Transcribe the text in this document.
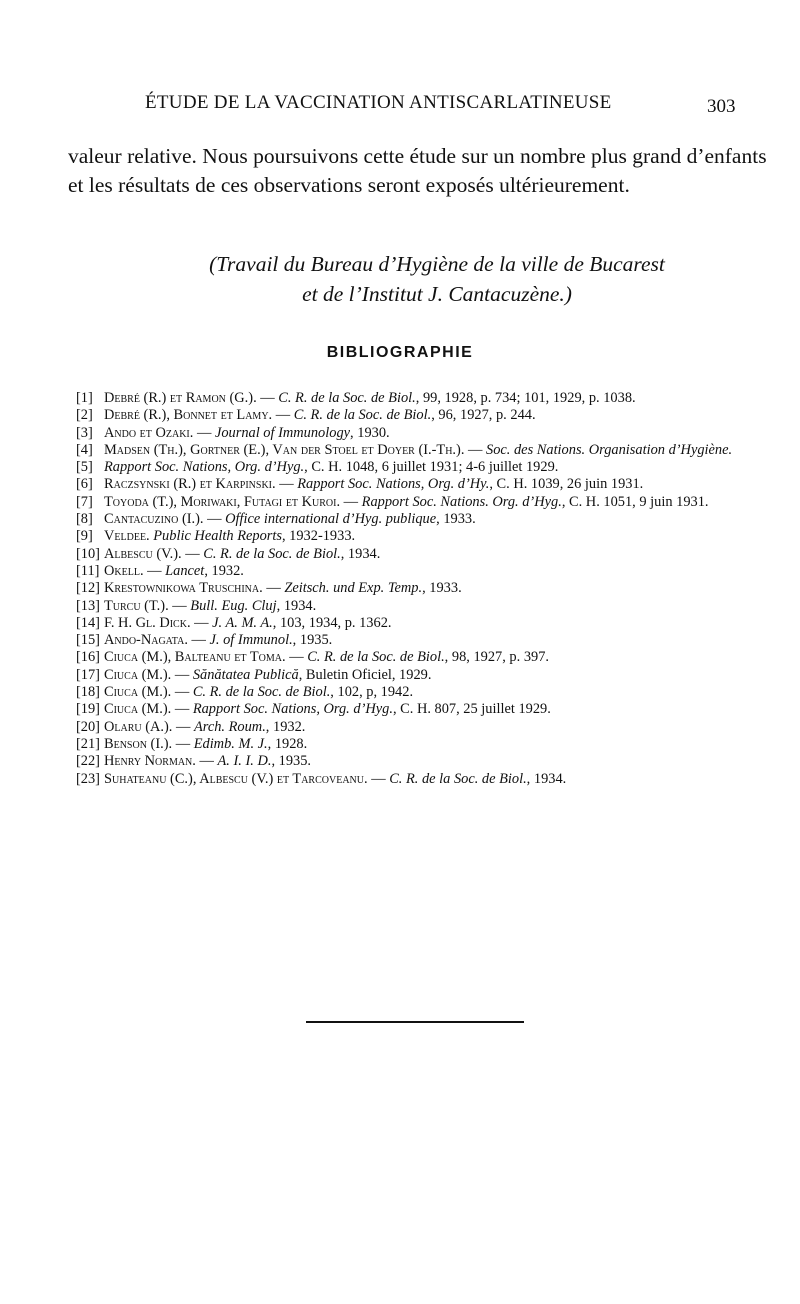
ÉTUDE DE LA VACCINATION ANTISCARLATINEUSE	303

valeur relative. Nous poursuivons cette étude sur un nombre plus grand d’enfants et les résultats de ces observations seront exposés ultérieurement.

(Travail du Bureau d’Hygiène de la ville de Bucarest
et de l’Institut J. Cantacuzène.)
BIBLIOGRAPHIE
[1] Debré (R.) et Ramon (G.). — C. R. de la Soc. de Biol., 99, 1928, p. 734; 101, 1929, p. 1038.
[2] Debré (R.), Bonnet et Lamy. — C. R. de la Soc. de Biol., 96, 1927, p. 244.
[3] Ando et Ozaki. — Journal of Immunology, 1930.
[4] Madsen (Th.), Gortner (E.), Van der Stoel et Doyer (I.-Th.). — Soc. des Nations. Organisation d’Hygiène.
[5] Rapport Soc. Nations, Org. d’Hyg., C. H. 1048, 6 juillet 1931; 4-6 juillet 1929.
[6] Raczsynski (R.) et Karpinski. — Rapport Soc. Nations, Org. d’Hy., C. H. 1039, 26 juin 1931.
[7] Toyoda (T.), Moriwaki, Futagi et Kuroi. — Rapport Soc. Nations. Org. d’Hyg., C. H. 1051, 9 juin 1931.
[8] Cantacuzino (I.). — Office international d’Hyg. publique, 1933.
[9] Veldee. Public Health Reports, 1932-1933.
[10] Albescu (V.). — C. R. de la Soc. de Biol., 1934.
[11] Okell. — Lancet, 1932.
[12] Krestownikowa Truschina. — Zeitsch. und Exp. Temp., 1933.
[13] Turcu (T.). — Bull. Eug. Cluj, 1934.
[14] F. H. Gl. Dick. — J. A. M. A., 103, 1934, p. 1362.
[15] Ando-Nagata. — J. of Immunol., 1935.
[16] Ciuca (M.), Balteanu et Toma. — C. R. de la Soc. de Biol., 98, 1927, p. 397.
[17] Ciuca (M.). — Sănătatea Publică, Buletin Oficiel, 1929.
[18] Ciuca (M.). — C. R. de la Soc. de Biol., 102, p, 1942.
[19] Ciuca (M.). — Rapport Soc. Nations, Org. d’Hyg., C. H. 807, 25 juillet 1929.
[20] Olaru (A.). — Arch. Roum., 1932.
[21] Benson (I.). — Edimb. M. J., 1928.
[22] Henry Norman. — A. I. I. D., 1935.
[23] Suhateanu (C.), Albescu (V.) et Tarcoveanu. — C. R. de la Soc. de Biol., 1934.
